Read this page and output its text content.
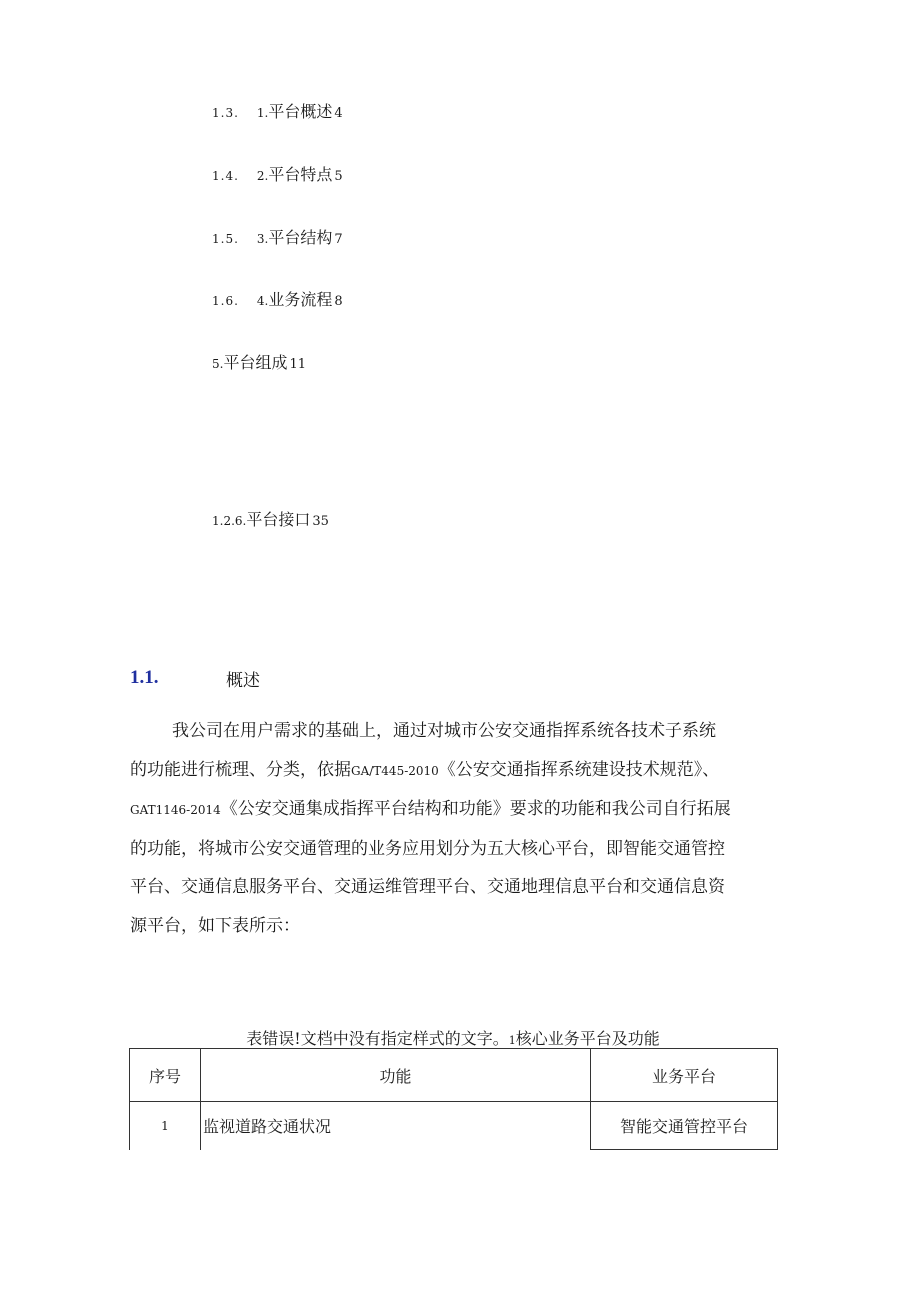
1.3. 1.平台概述 4
1.4. 2.平台特点 5
1.5. 3.平台结构 7
1.6. 4.业务流程 8
5.平台组成 11
1.2.6.平台接口 35
1.1.	概述

我公司在用户需求的基础上，通过对城市公安交通指挥系统各技术子系统

的功能进行梳理、分类，依据GA/T445-2010《公安交通指挥系统建设技术规范》、

GAT1146-2014《公安交通集成指挥平台结构和功能》要求的功能和我公司自行拓展

的功能，将城市公安交通管理的业务应用划分为五大核心平台，即智能交通管控

平台、交通信息服务平台、交通运维管理平台、交通地理信息平台和交通信息资

源平台，如下表所示：

表错误!文档中没有指定样式的文字。1核心业务平台及功能
序号	功能	业务平台
1	监视道路交通状况	智能交通管控平台
